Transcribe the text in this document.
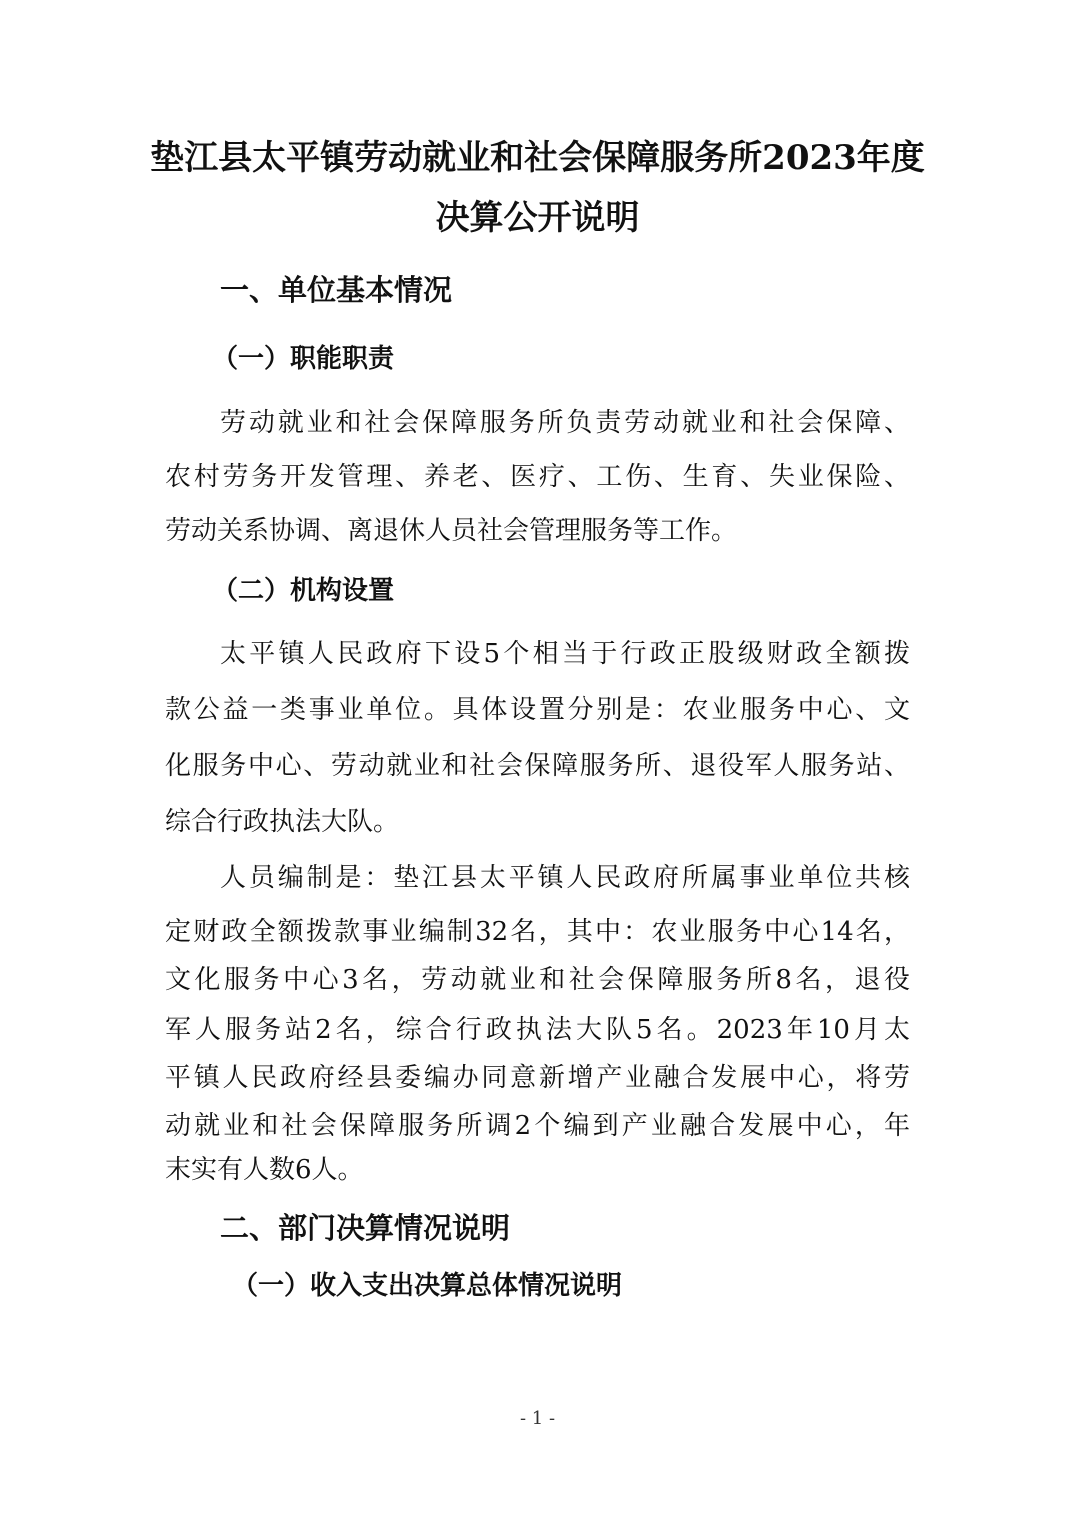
垫江县太平镇劳动就业和社会保障服务所2023年度
决算公开说明
一、单位基本情况
（一）职能职责
劳动就业和社会保障服务所负责劳动就业和社会保障、
农村劳务开发管理、养老、医疗、工伤、生育、失业保险、
劳动关系协调、离退休人员社会管理服务等工作。
（二）机构设置
太平镇人民政府下设5个相当于行政正股级财政全额拨
款公益一类事业单位。具体设置分别是：农业服务中心、文
化服务中心、劳动就业和社会保障服务所、退役军人服务站、
综合行政执法大队。
人员编制是：垫江县太平镇人民政府所属事业单位共核
定财政全额拨款事业编制32名，其中：农业服务中心14名，
文化服务中心3名，劳动就业和社会保障服务所8名，退役
军人服务站2名，综合行政执法大队5名。2023年10月太
平镇人民政府经县委编办同意新增产业融合发展中心，将劳
动就业和社会保障服务所调2个编到产业融合发展中心，年
末实有人数6人。
二、部门决算情况说明
（一）收入支出决算总体情况说明
- 1 -
